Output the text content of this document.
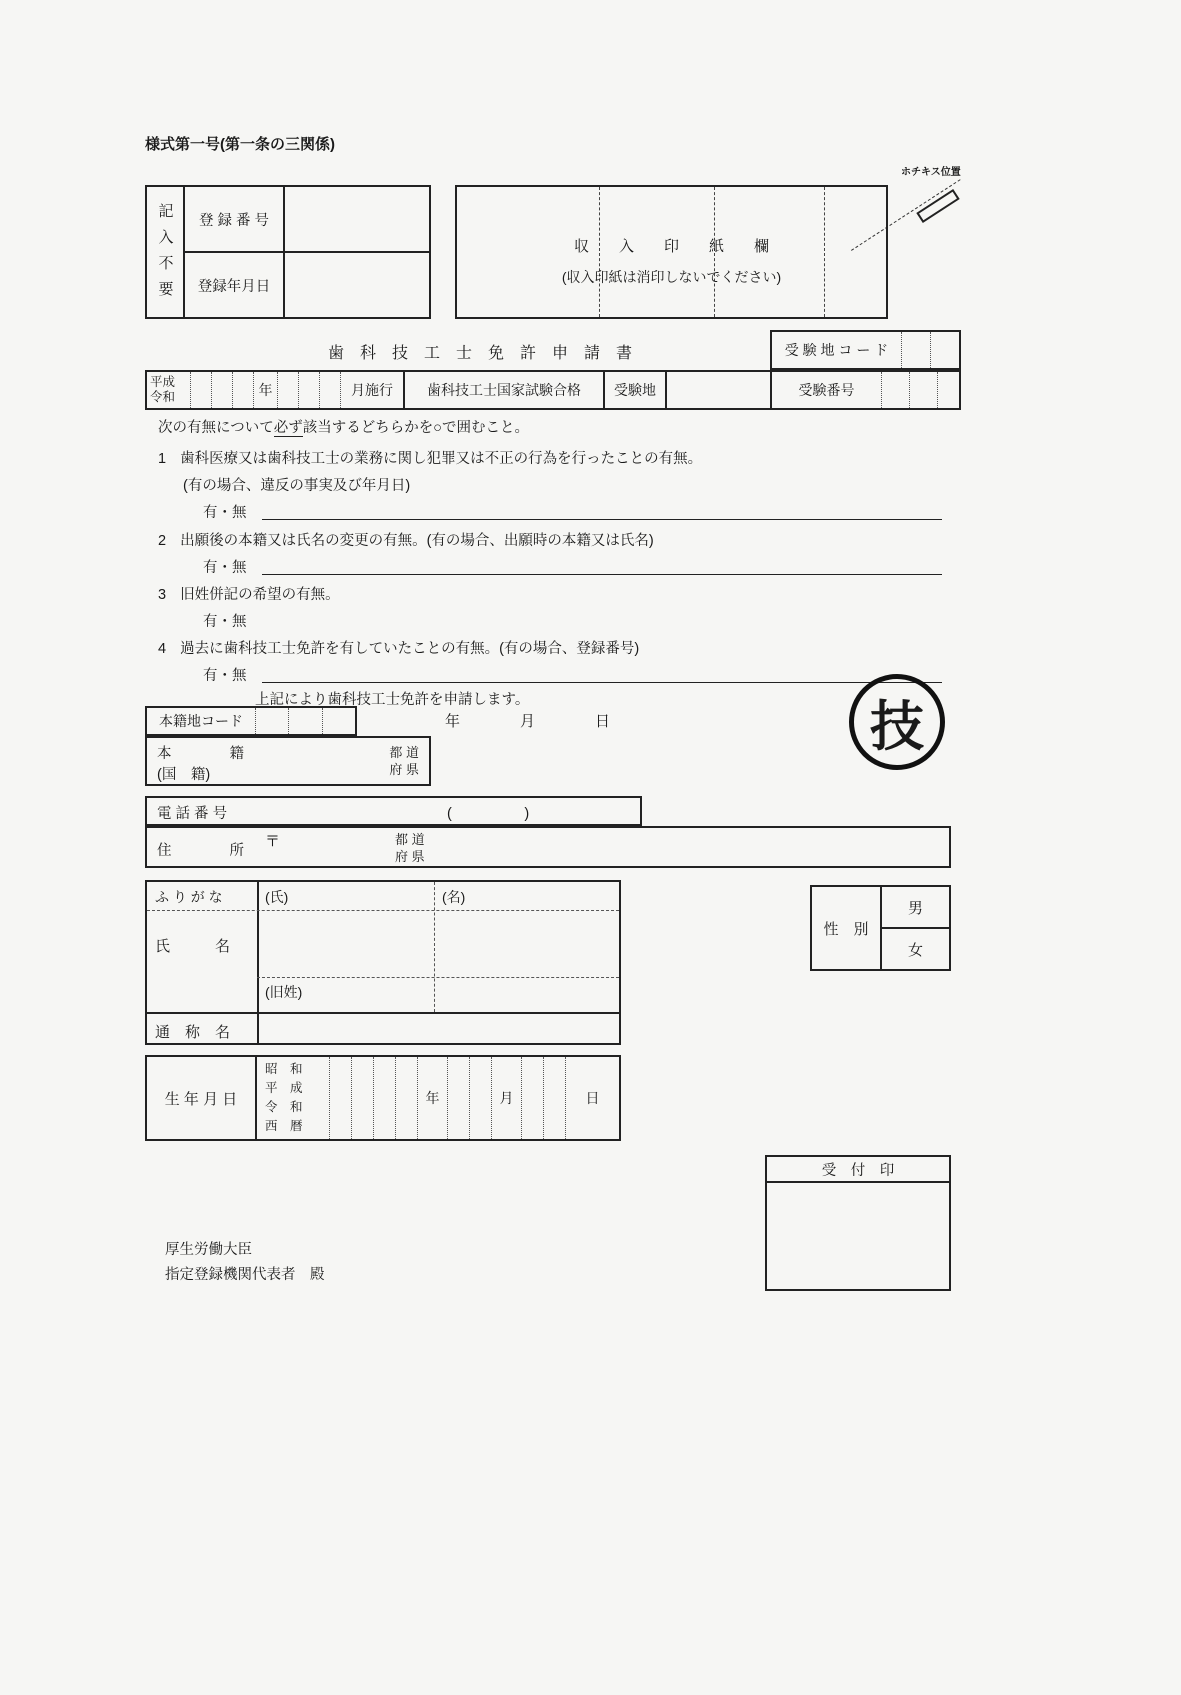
様式第一号(第一条の三関係)
ホチキス位置
記入不要	登 録 番 号
登録年月日
収　　入　　印　　紙　　欄
(収入印紙は消印しないでください)
歯　科　技　工　士　免　許　申　請　書	受 験 地 コ ー ド
平成
令和	年	月施行	歯科技工士国家試験合格	受験地	受験番号
次の有無について必ず該当するどちらかを○で囲むこと。
1 歯科医療又は歯科技工士の業務に関し犯罪又は不正の行為を行ったことの有無。
(有の場合、違反の事実及び年月日)
有・無
2 出願後の本籍又は氏名の変更の有無。(有の場合、出願時の本籍又は氏名)
有・無
3 旧姓併記の希望の有無。
有・無
4 過去に歯科技工士免許を有していたことの有無。(有の場合、登録番号)
有・無
上記により歯科技工士免許を申請します。
年　　　　月　　　　日	技
本籍地コード
本　　　　籍
(国　籍)
都 道
府 県
電 話 番 号	(　　　　　)
住　　　　所
〒	都 道
府 県
ふ り が な	(氏)	(名)
氏　　　名
(旧姓)
通　称　名
性　別
男
女
生 年 月 日
昭　和
平　成
令　和
西　暦
年	月	日
受　付　印
厚生労働大臣
指定登録機関代表者　殿
